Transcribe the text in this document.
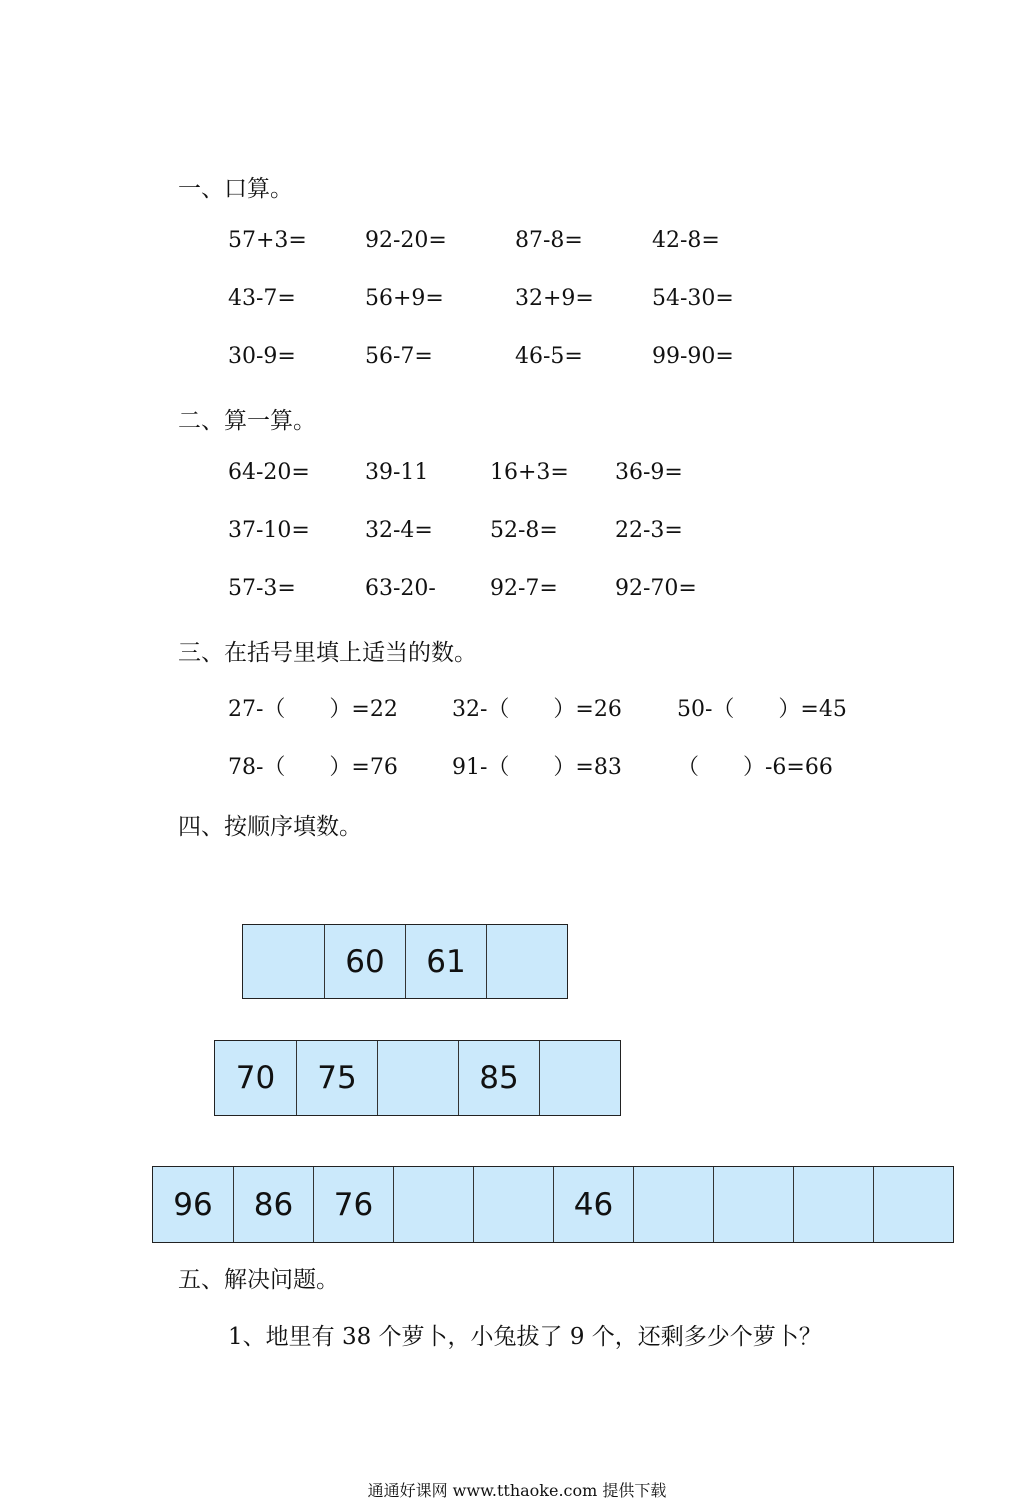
一、口算。
57+3=	92-20=	87-8=	42-8=
43-7=	56+9=	32+9=	54-30=
30-9=	56-7=	46-5=	99-90=
二、算一算。
64-20=	39-11	16+3= 36-9=
37-10=	32-4=	52-8=	22-3=
57-3=	63-20- 92-7=	92-70=
三、在括号里填上适当的数。
27-（　　）=22 32-（　　）=26	50-（　　）=45
78-（　　）=76 91-（　　）=83	（　　）-6=66
四、按顺序填数。
60	61
70	75	85
96	86	76	46
五、解决问题。
1、地里有 38 个萝卜，小兔拔了 9 个，还剩多少个萝卜？
通通好课网 www.tthaoke.com 提供下载
